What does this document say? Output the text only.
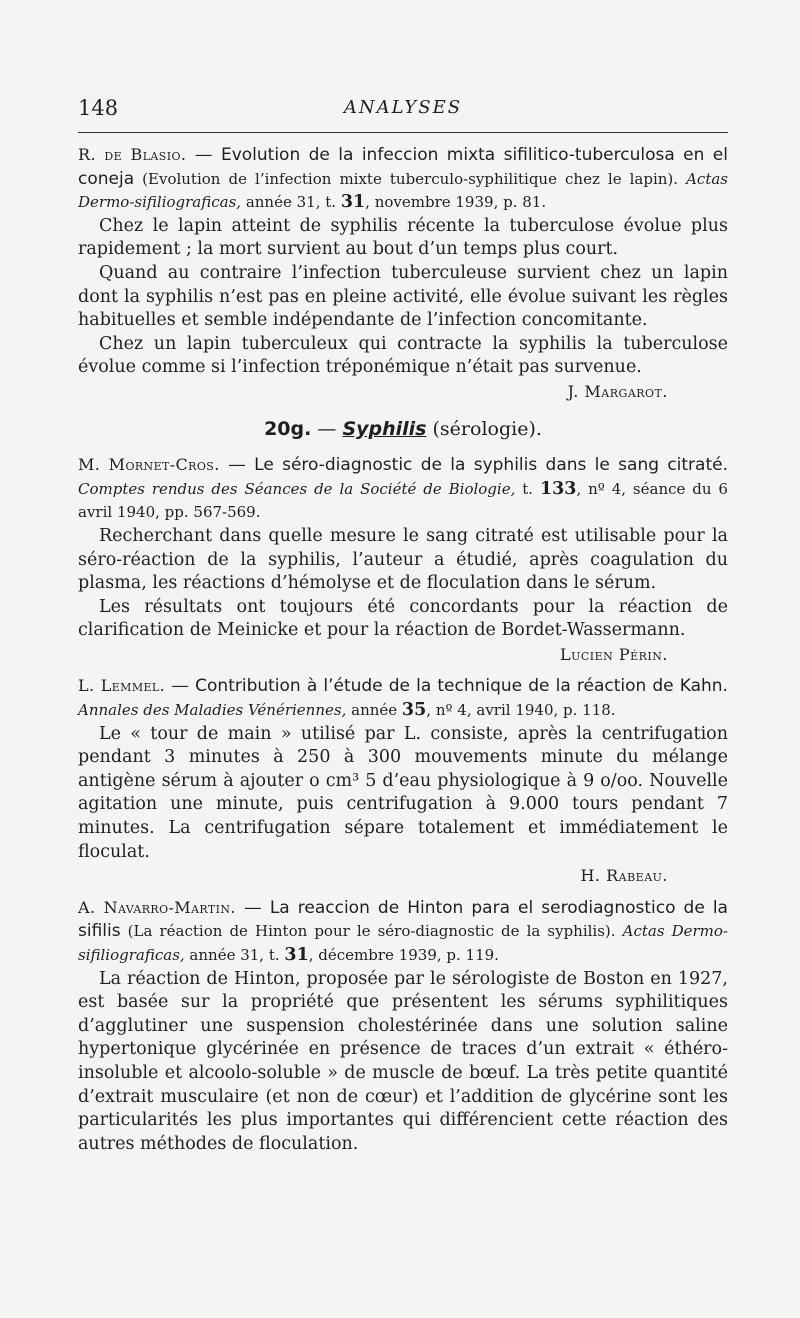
148	ANALYSES

R. de Blasio. — Evolution de la infeccion mixta sifilitico-tuberculosa en el coneja (Evolution de l’infection mixte tuberculo-syphilitique chez le lapin). Actas Dermo-sifiliograficas, année 31, t. 31, novembre 1939, p. 81.

Chez le lapin atteint de syphilis récente la tuberculose évolue plus rapidement ; la mort survient au bout d’un temps plus court.

Quand au contraire l’infection tuberculeuse survient chez un lapin dont la syphilis n’est pas en pleine activité, elle évolue suivant les règles habituelles et semble indépendante de l’infection concomitante.

Chez un lapin tuberculeux qui contracte la syphilis la tuberculose évolue comme si l’infection tréponémique n’était pas survenue.

J. Margarot.

20g. — Syphilis (sérologie).

M. Mornet-Cros. — Le séro-diagnostic de la syphilis dans le sang citraté. Comptes rendus des Séances de la Société de Biologie, t. 133, nº 4, séance du 6 avril 1940, pp. 567-569.

Recherchant dans quelle mesure le sang citraté est utilisable pour la séro-réaction de la syphilis, l’auteur a étudié, après coagulation du plasma, les réactions d’hémolyse et de floculation dans le sérum.

Les résultats ont toujours été concordants pour la réaction de clarification de Meinicke et pour la réaction de Bordet-Wassermann.

Lucien Périn.

L. Lemmel. — Contribution à l’étude de la technique de la réaction de Kahn. Annales des Maladies Vénériennes, année 35, nº 4, avril 1940, p. 118.

Le « tour de main » utilisé par L. consiste, après la centrifugation pendant 3 minutes à 250 à 300 mouvements minute du mélange antigène sérum à ajouter o cm³ 5 d’eau physiologique à 9 o/oo. Nouvelle agitation une minute, puis centrifugation à 9.000 tours pendant 7 minutes. La centrifugation sépare totalement et immédiatement le floculat.

H. Rabeau.

A. Navarro-Martin. — La reaccion de Hinton para el serodiagnostico de la sifilis (La réaction de Hinton pour le séro-diagnostic de la syphilis). Actas Dermo-sifiliograficas, année 31, t. 31, décembre 1939, p. 119.

La réaction de Hinton, proposée par le sérologiste de Boston en 1927, est basée sur la propriété que présentent les sérums syphilitiques d’agglutiner une suspension cholestérinée dans une solution saline hypertonique glycérinée en présence de traces d’un extrait « éthéro-insoluble et alcoolo-soluble » de muscle de bœuf. La très petite quantité d’extrait musculaire (et non de cœur) et l’addition de glycérine sont les particularités les plus importantes qui différencient cette réaction des autres méthodes de floculation.
